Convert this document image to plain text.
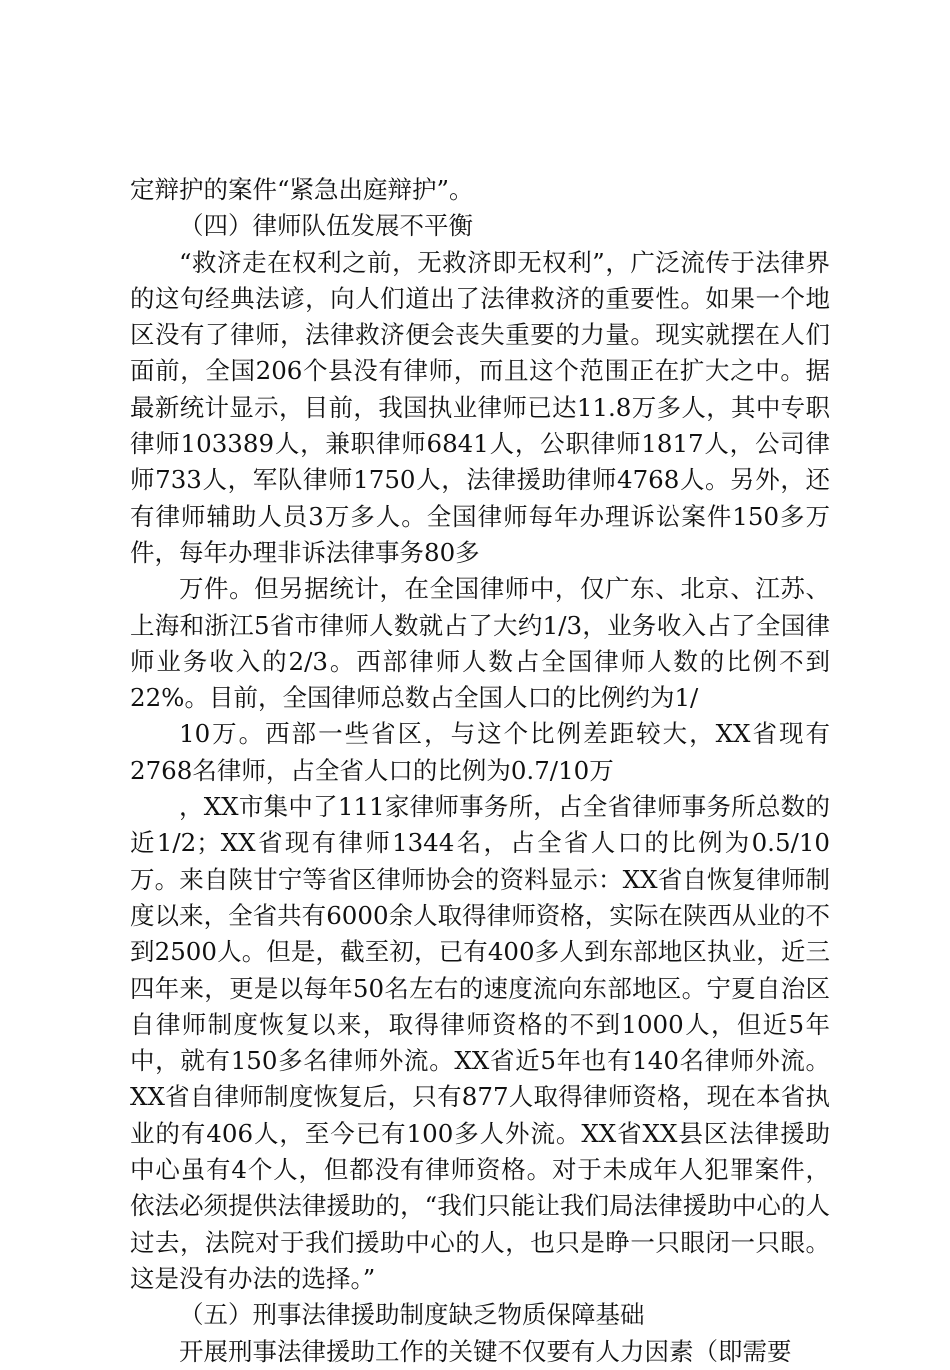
定辩护的案件“紧急出庭辩护”。

（四）律师队伍发展不平衡

“救济走在权利之前，无救济即无权利”，广泛流传于法律界的这句经典法谚，向人们道出了法律救济的重要性。如果一个地区没有了律师，法律救济便会丧失重要的力量。现实就摆在人们面前，全国206个县没有律师，而且这个范围正在扩大之中。据最新统计显示，目前，我国执业律师已达11.8万多人，其中专职律师103389人，兼职律师6841人，公职律师1817人，公司律师733人，军队律师1750人，法律援助律师4768人。另外，还有律师辅助人员3万多人。全国律师每年办理诉讼案件150多万件，每年办理非诉法律事务80多

万件。但另据统计，在全国律师中，仅广东、北京、江苏、上海和浙江5省市律师人数就占了大约1/3，业务收入占了全国律师业务收入的2/3。西部律师人数占全国律师人数的比例不到22%。目前，全国律师总数占全国人口的比例约为1/

10万。西部一些省区，与这个比例差距较大，XX省现有2768名律师，占全省人口的比例为0.7/10万

，XX市集中了111家律师事务所，占全省律师事务所总数的近1/2；XX省现有律师1344名，占全省人口的比例为0.5/10万。来自陕甘宁等省区律师协会的资料显示：XX省自恢复律师制度以来，全省共有6000余人取得律师资格，实际在陕西从业的不到2500人。但是，截至初，已有400多人到东部地区执业，近三四年来，更是以每年50名左右的速度流向东部地区。宁夏自治区自律师制度恢复以来，取得律师资格的不到1000人，但近5年中，就有150多名律师外流。XX省近5年也有140名律师外流。XX省自律师制度恢复后，只有877人取得律师资格，现在本省执业的有406人，至今已有100多人外流。XX省XX县区法律援助中心虽有4个人，但都没有律师资格。对于未成年人犯罪案件，依法必须提供法律援助的，“我们只能让我们局法律援助中心的人过去，法院对于我们援助中心的人，也只是睁一只眼闭一只眼。这是没有办法的选择。”

（五）刑事法律援助制度缺乏物质保障基础

开展刑事法律援助工作的关键不仅要有人力因素（即需要
